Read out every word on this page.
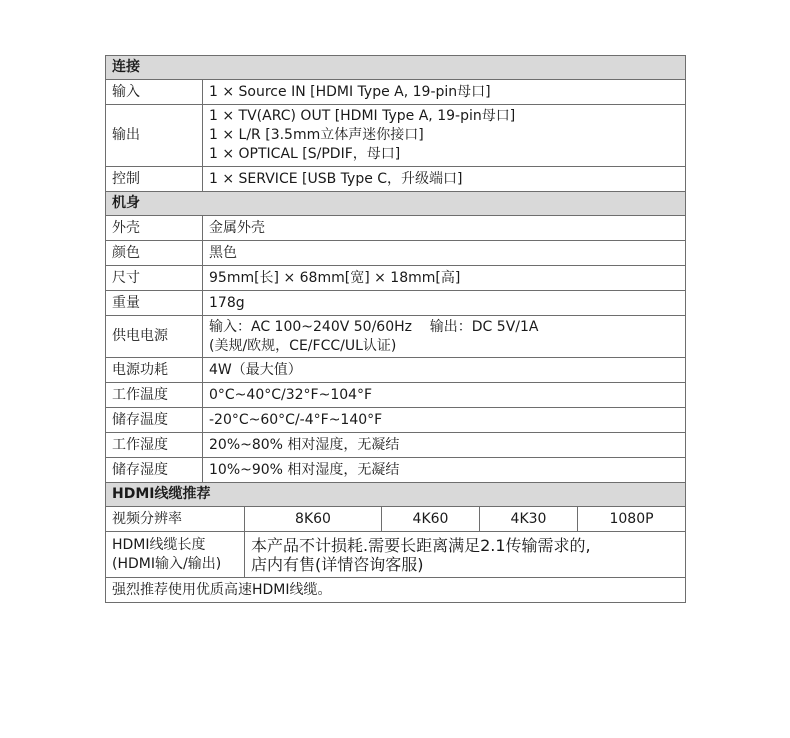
连接					
输入	1 × Source IN [HDMI Type A, 19-pin母口]				
输出	1 × TV(ARC) OUT [HDMI Type A, 19-pin母口]
1 × L/R [3.5mm立体声迷你接口]
1 × OPTICAL [S/PDIF，母口]				

控制	1 × SERVICE [USB Type C，升级端口]				
机身					
外壳	金属外壳				
颜色	黑色				
尺寸	95mm[长] × 68mm[宽] × 18mm[高]				
重量	178g				
供电电源	输入：AC 100~240V 50/60Hz    输出：DC 5V/1A
(美规/欧规，CE/FCC/UL认证)				

电源功耗	4W（最大值）				
工作温度	0°C~40°C/32°F~104°F				
储存温度	-20°C~60°C/-4°F~140°F				
工作湿度	20%~80% 相对湿度，无凝结				
储存湿度	10%~90% 相对湿度，无凝结				
HDMI线缆推荐					
视频分辨率		8K60	4K60	4K30	1080P

HDMI线缆长度
(HDMI输入/输出)		本产品不计损耗.需要长距离满足2.1传输需求的,
店内有售(详情咨询客服)			

强烈推荐使用优质高速HDMI线缆。					
